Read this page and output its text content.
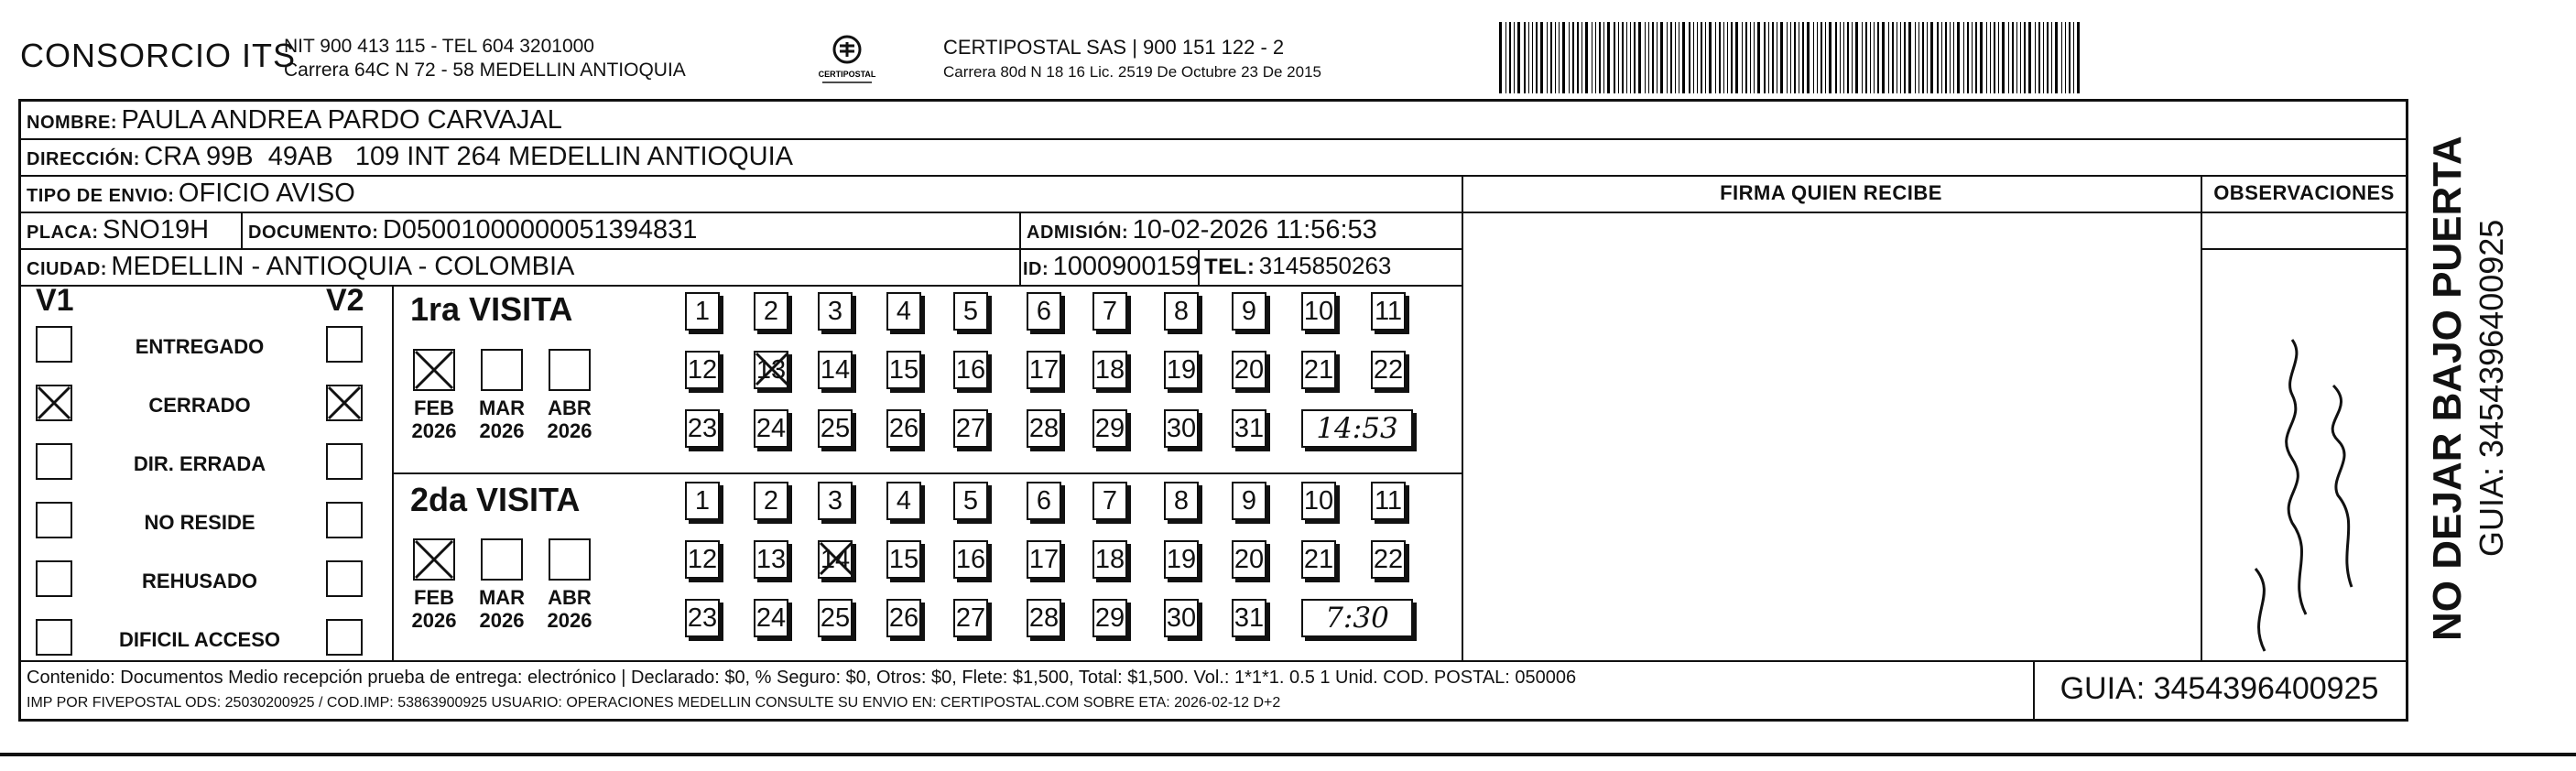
CONSORCIO ITS
NIT 900 413 115 - TEL 604 3201000
Carrera 64C N 72 - 58 MEDELLIN ANTIOQUIA	CERTIPOSTAL
CERTIPOSTAL SAS | 900 151 122 - 2
Carrera 80d N 18 16 Lic. 2519 De Octubre 23 De 2015
NOMBRE: PAULA ANDREA PARDO CARVAJAL
DIRECCIÓN: CRA 99B  49AB   109 INT 264 MEDELLIN ANTIOQUIA
TIPO DE ENVIO: OFICIO AVISO
PLACA: SNO19H DOCUMENTO: D05001000000051394831	ADMISIÓN: 10-02-2026 11:56:53
CIUDAD: MEDELLIN - ANTIOQUIA - COLOMBIA	ID: 1000900159 TEL: 3145850263
FIRMA QUIEN RECIBE	OBSERVACIONES
V1	V2
ENTREGADO
CERRADO
DIR. ERRADA
NO RESIDE
REHUSADO
DIFICIL ACCESO
1ra VISITA
2da VISITA
FEB
2026
MAR
2026
ABR
2026
1	2	3	4	5	6	7	8	9	10 11
12 13 14 15 16 17 18 19 20 21 22
23 24 25 26 27 28 29 30 31	14:53
FEB
2026
MAR
2026
ABR
2026
1	2	3	4	5	6	7	8	9	10 11
12 13 14 15 16 17 18 19 20 21 22
23 24 25 26 27 28 29 30 31	7:30
Contenido: Documentos Medio recepción prueba de entrega: electrónico | Declarado: $0, % Seguro: $0, Otros: $0, Flete: $1,500, Total: $1,500. Vol.: 1*1*1. 0.5 1 Unid. COD. POSTAL: 050006
IMP POR FIVEPOSTAL ODS: 25030200925 / COD.IMP: 53863900925 USUARIO: OPERACIONES MEDELLIN CONSULTE SU ENVIO EN: CERTIPOSTAL.COM SOBRE ETA: 2026-02-12 D+2	GUIA: 3454396400925
NO DEJAR BAJO PUERTA GUIA: 3454396400925
